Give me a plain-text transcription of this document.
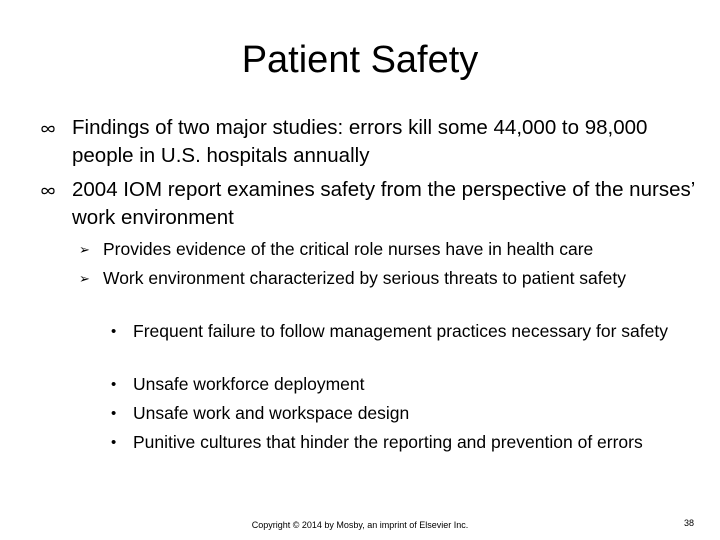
Patient Safety
Findings of two major studies: errors kill some 44,000 to 98,000 people in U.S. hospitals annually
2004 IOM report examines safety from the perspective of the nurses’ work environment
➢ Provides evidence of the critical role nurses have in health care
➢ Work environment characterized by serious threats to patient safety
• Frequent failure to follow management practices necessary for safety
• Unsafe workforce deployment
• Unsafe work and workspace design
• Punitive cultures that hinder the reporting and prevention of errors
Copyright © 2014 by Mosby, an imprint of Elsevier Inc.	38
